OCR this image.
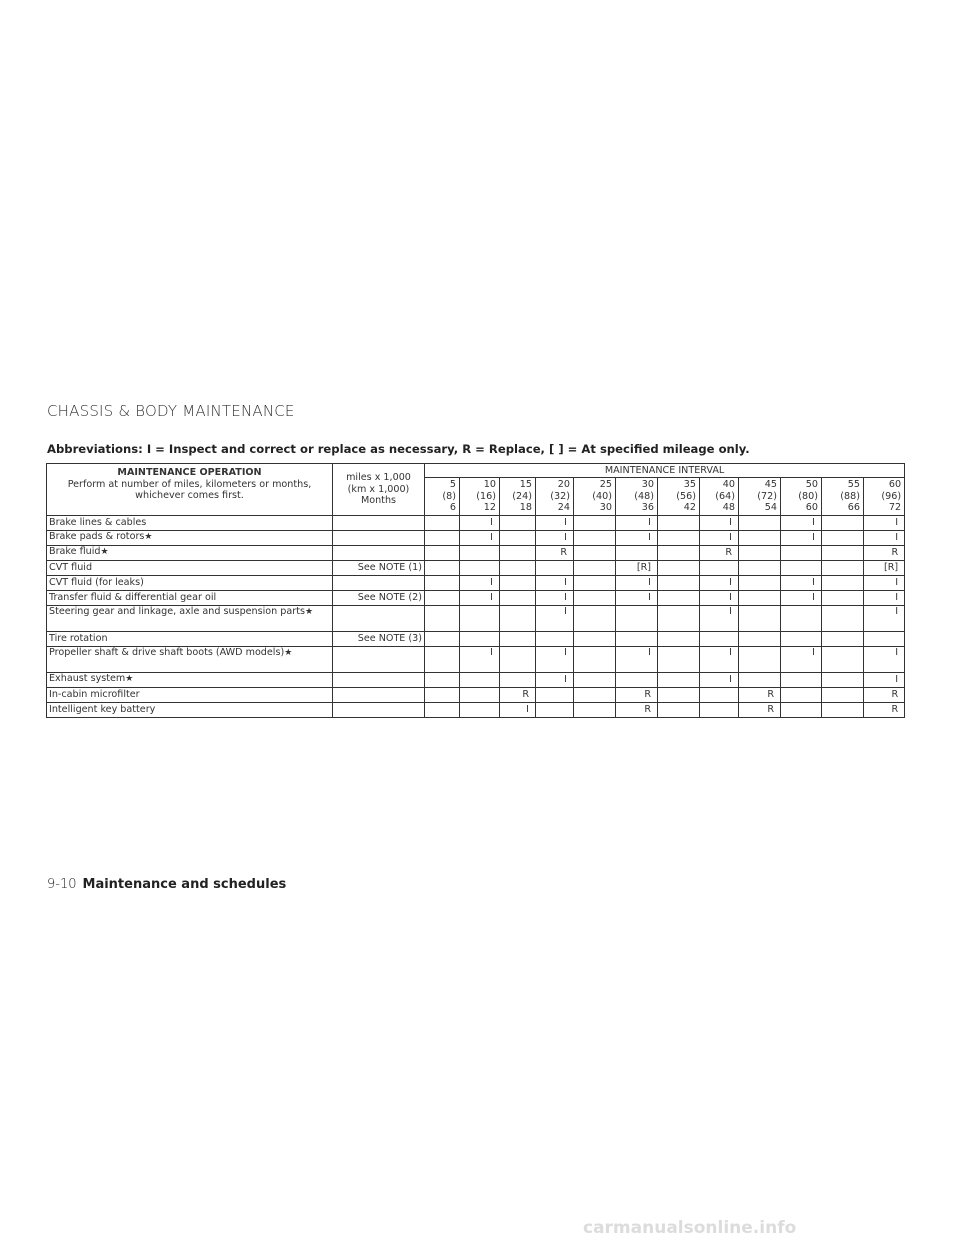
CHASSIS & BODY MAINTENANCE
Abbreviations: I = Inspect and correct or replace as necessary, R = Replace, [ ] = At specified mileage only.
MAINTENANCE OPERATION
Perform at number of miles, kilometers or months, whichever comes first.	miles x 1,000
(km x 1,000)
Months	MAINTENANCE INTERVAL											

		5
(8)
6	10
(16)
12	15
(24)
18	20
(32)
24	25
(40)
30	30
(48)
36	35
(56)
42	40
(64)
48	45
(72)
54	50
(80)
60	55
(88)
66	60
(96)
72

Brake lines & cables			I		I		I		I		I		I
Brake pads & rotors★			I		I		I		I		I		I
Brake fluid★					R				R				R
CVT fluid	See NOTE (1)						[R]						[R]
CVT fluid (for leaks)			I		I		I		I		I		I
Transfer fluid & differential gear oil	See NOTE (2)		I		I		I		I		I		I
Steering gear and linkage, axle and suspension parts★					I				I				I
Tire rotation	See NOTE (3)												
Propeller shaft & drive shaft boots (AWD models)★			I		I		I		I		I		I
Exhaust system★					I				I				I
In-cabin microfilter				R			R			R			R
Intelligent key battery				I			R			R			R
9-10 Maintenance and schedules
carmanualsonline.info
